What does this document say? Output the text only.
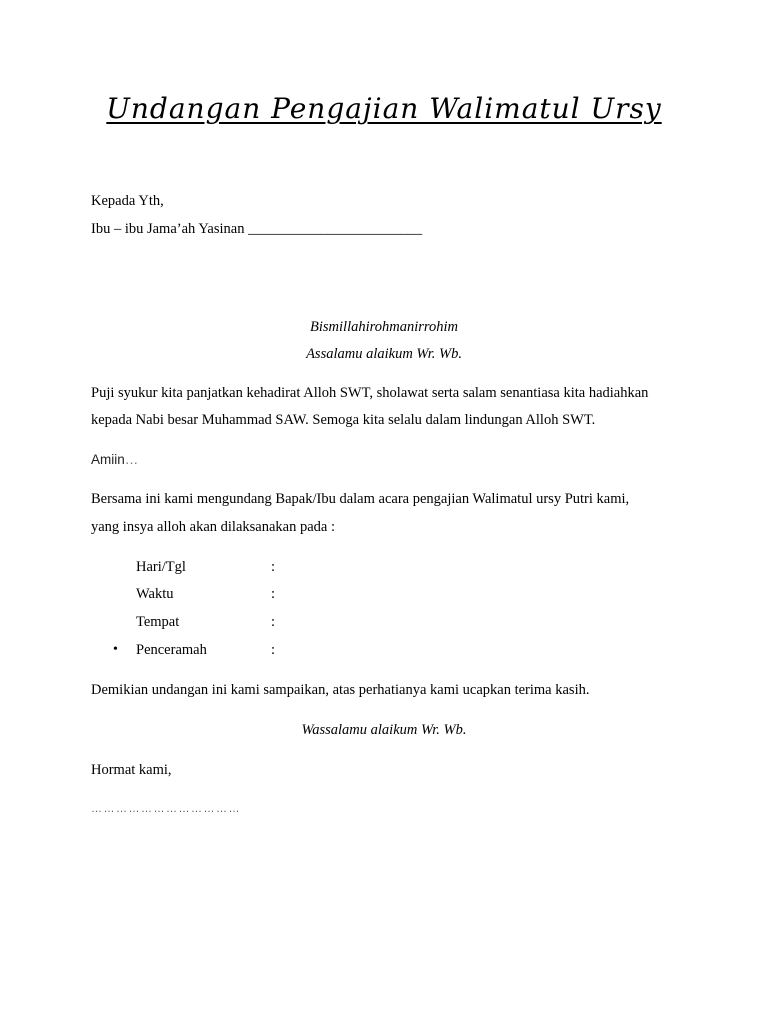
Undangan Pengajian Walimatul Ursy
Kepada Yth,
Ibu – ibu Jama’ah Yasinan ________________________
Bismillahirohmanirrohim
Assalamu alaikum Wr. Wb.
Puji syukur kita panjatkan kehadirat Alloh SWT, sholawat serta salam senantiasa kita hadiahkan
kepada Nabi besar Muhammad SAW. Semoga kita selalu dalam lindungan Alloh SWT.
Amiin…
Bersama ini kami mengundang Bapak/Ibu dalam acara pengajian Walimatul ursy Putri kami,
yang insya alloh akan dilaksanakan pada :
Hari/Tgl	:
Waktu	:
Tempat	:
• Penceramah	:
Demikian undangan ini kami sampaikan, atas perhatianya kami ucapkan terima kasih.
Wassalamu alaikum Wr. Wb.
Hormat kami,
………………………………
